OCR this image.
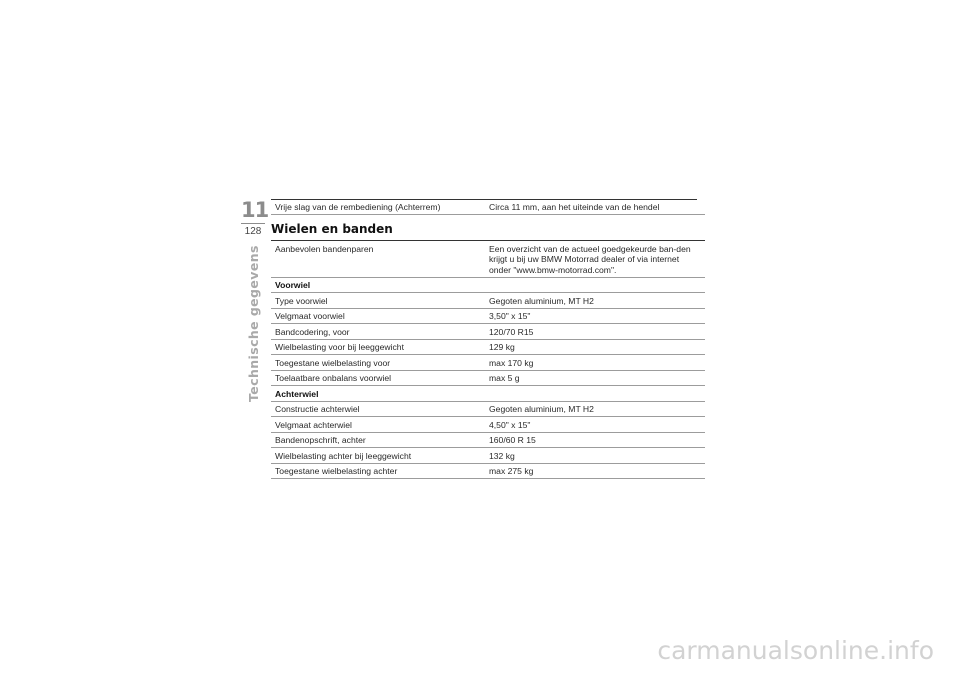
11
128
Technische gegevens
Vrije slag van de rembediening (Achterrem)	Circa 11 mm, aan het uiteinde van de hendel
Wielen en banden
Aanbevolen bandenparen	Een overzicht van de actueel goedgekeurde ban-den krijgt u bij uw BMW Motorrad dealer of via internet onder "www.bmw-motorrad.com".
Voorwiel	
Type voorwiel	Gegoten aluminium, MT H2
Velgmaat voorwiel	3,50" x 15"
Bandcodering, voor	120/70 R15
Wielbelasting voor bij leeggewicht	129 kg
Toegestane wielbelasting voor	max 170 kg
Toelaatbare onbalans voorwiel	max 5 g
Achterwiel	
Constructie achterwiel	Gegoten aluminium, MT H2
Velgmaat achterwiel	4,50" x 15"
Bandenopschrift, achter	160/60 R 15
Wielbelasting achter bij leeggewicht	132 kg
Toegestane wielbelasting achter	max 275 kg
carmanualsonline.info
